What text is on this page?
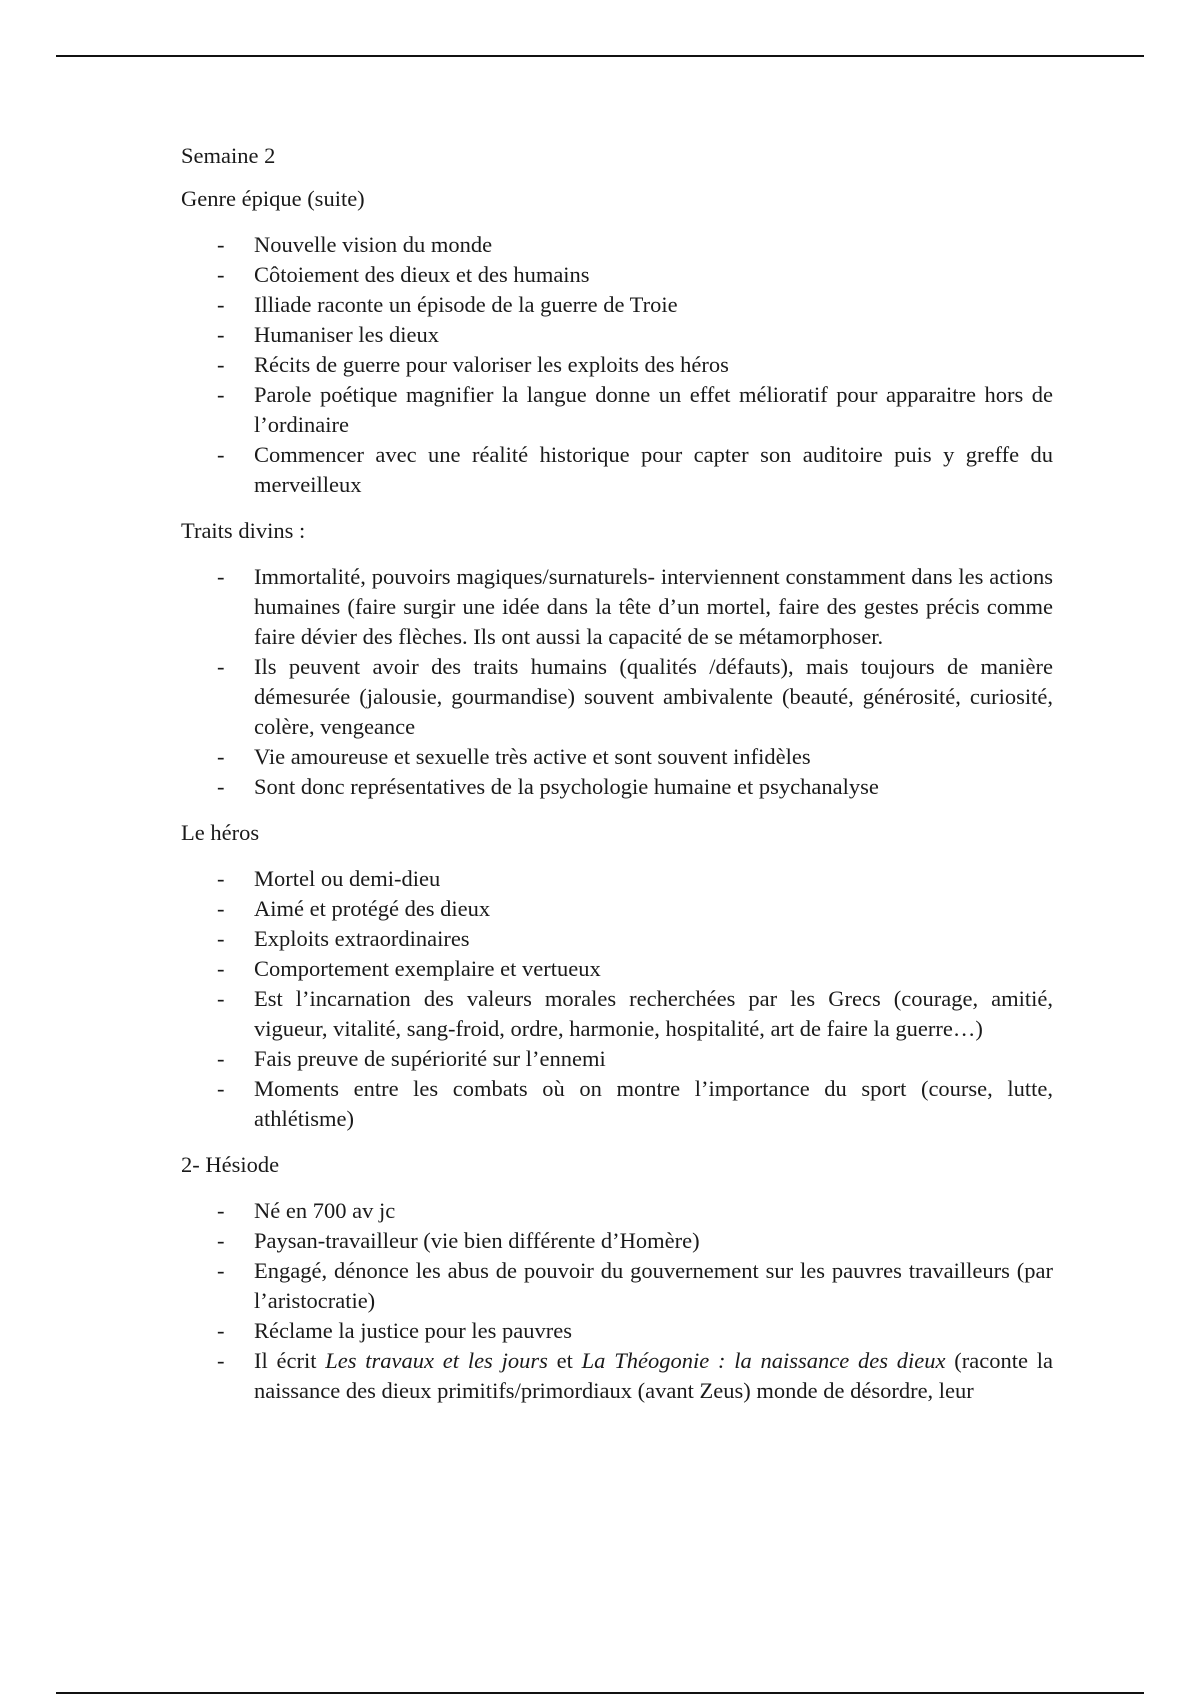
Semaine 2

Genre épique (suite)

- Nouvelle vision du monde
- Côtoiement des dieux et des humains
- Illiade raconte un épisode de la guerre de Troie
- Humaniser les dieux
- Récits de guerre pour valoriser les exploits des héros
- Parole poétique magnifier la langue donne un effet mélioratif pour apparaitre hors de l’ordinaire
- Commencer avec une réalité historique pour capter son auditoire puis y greffe du merveilleux

Traits divins :

- Immortalité, pouvoirs magiques/surnaturels- interviennent constamment dans les actions humaines (faire surgir une idée dans la tête d’un mortel, faire des gestes précis comme faire dévier des flèches. Ils ont aussi la capacité de se métamorphoser.
- Ils peuvent avoir des traits humains (qualités /défauts), mais toujours de manière démesurée (jalousie, gourmandise) souvent ambivalente (beauté, générosité, curiosité, colère, vengeance
- Vie amoureuse et sexuelle très active et sont souvent infidèles
- Sont donc représentatives de la psychologie humaine et psychanalyse

Le héros

- Mortel ou demi-dieu
- Aimé et protégé des dieux
- Exploits extraordinaires
- Comportement exemplaire et vertueux
- Est l’incarnation des valeurs morales recherchées par les Grecs (courage, amitié, vigueur, vitalité, sang-froid, ordre, harmonie, hospitalité, art de faire la guerre…)
- Fais preuve de supériorité sur l’ennemi
- Moments entre les combats où on montre l’importance du sport (course, lutte, athlétisme)

2- Hésiode

- Né en 700 av jc
- Paysan-travailleur (vie bien différente d’Homère)
- Engagé, dénonce les abus de pouvoir du gouvernement sur les pauvres travailleurs (par l’aristocratie)
- Réclame la justice pour les pauvres
- Il écrit Les travaux et les jours et La Théogonie : la naissance des dieux (raconte la naissance des dieux primitifs/primordiaux (avant Zeus) monde de désordre, leur
